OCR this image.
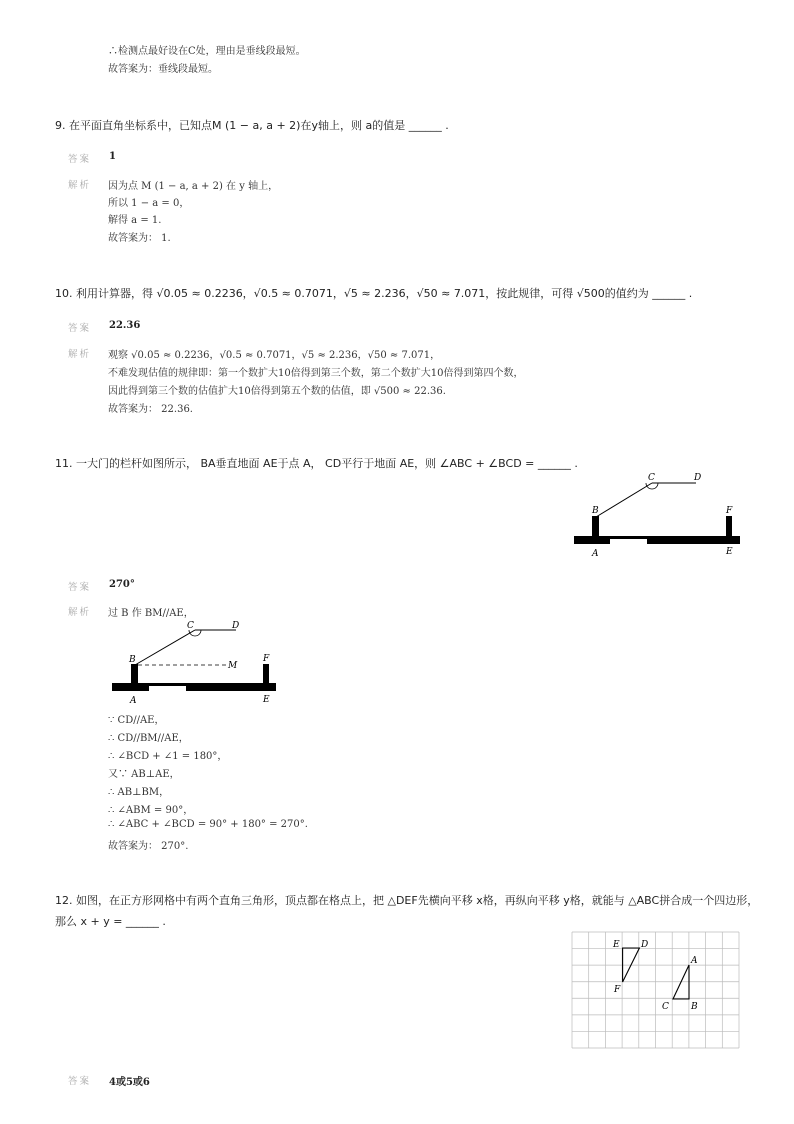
∴检测点最好设在C处，理由是垂线段最短。
故答案为：垂线段最短。
9. 在平面直角坐标系中，已知点M (1 − a, a + 2)在y轴上，则 a的值是 ______ .
答案 1
解析 因为点 M (1 − a, a + 2) 在 y 轴上，
所以 1 − a = 0，
解得 a = 1.
故答案为： 1.
10. 利用计算器，得 √0.05 ≈ 0.2236，√0.5 ≈ 0.7071，√5 ≈ 2.236，√50 ≈ 7.071，按此规律，可得 √500的值约为 ______ .
答案 22.36
解析 观察 √0.05 ≈ 0.2236，√0.5 ≈ 0.7071，√5 ≈ 2.236，√50 ≈ 7.071，
不难发现估值的规律即：第一个数扩大10倍得到第三个数，第二个数扩大10倍得到第四个数，
因此得到第三个数的估值扩大10倍得到第五个数的估值，即 √500 ≈ 22.36.
故答案为： 22.36.
11. 一大门的栏杆如图所示， BA垂直地面 AE于点 A， CD平行于地面 AE，则 ∠ABC + ∠BCD = ______ .
B
C	D
F
A	E
答案 270°
解析 过 B 作 BM//AE，
B
C	D
M
F
A	E
∵ CD//AE，
∴ CD//BM//AE，
∴ ∠BCD + ∠1 = 180°，
又∵ AB⊥AE，
∴ AB⊥BM，
∴ ∠ABM = 90°，
∴ ∠ABC + ∠BCD = 90° + 180° = 270°.
故答案为： 270°.
12. 如图，在正方形网格中有两个直角三角形，顶点都在格点上，把 △DEF先横向平移 x格，再纵向平移 y格，就能与 △ABC拼合成一个四边形，
那么 x + y = ______ .
E D
F
A
C B
答案 4或5或6
